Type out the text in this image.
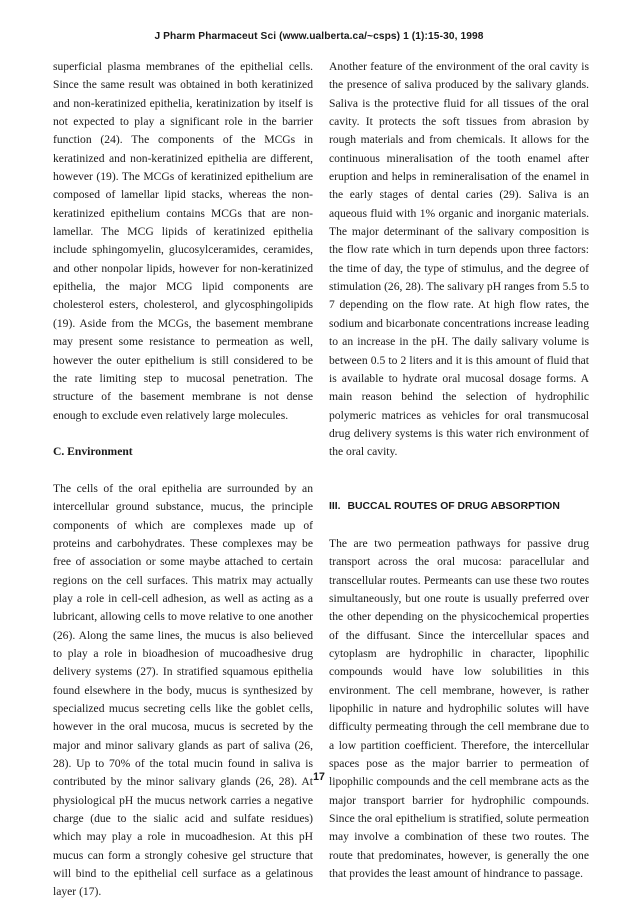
J Pharm Pharmaceut Sci (www.ualberta.ca/~csps) 1 (1):15-30, 1998

superficial plasma membranes of the epithelial cells. Since the same result was obtained in both keratinized and non-keratinized epithelia, keratinization by itself is not expected to play a significant role in the barrier function (24). The components of the MCGs in keratinized and non-keratinized epithelia are different, however (19). The MCGs of keratinized epithelium are composed of lamellar lipid stacks, whereas the non-keratinized epithelium contains MCGs that are non-lamellar. The MCG lipids of keratinized epithelia include sphingomyelin, glucosylceramides, ceramides, and other nonpolar lipids, however for non-keratinized epithelia, the major MCG lipid components are cholesterol esters, cholesterol, and glycosphingolipids (19). Aside from the MCGs, the basement membrane may present some resistance to permeation as well, however the outer epithelium is still considered to be the rate limiting step to mucosal penetration. The structure of the basement membrane is not dense enough to exclude even relatively large molecules.

C. Environment

The cells of the oral epithelia are surrounded by an intercellular ground substance, mucus, the principle components of which are complexes made up of proteins and carbohydrates. These complexes may be free of association or some maybe attached to certain regions on the cell surfaces. This matrix may actually play a role in cell-cell adhesion, as well as acting as a lubricant, allowing cells to move relative to one another (26). Along the same lines, the mucus is also believed to play a role in bioadhesion of mucoadhesive drug delivery systems (27). In stratified squamous epithelia found elsewhere in the body, mucus is synthesized by specialized mucus secreting cells like the goblet cells, however in the oral mucosa, mucus is secreted by the major and minor salivary glands as part of saliva (26, 28). Up to 70% of the total mucin found in saliva is contributed by the minor salivary glands (26, 28). At physiological pH the mucus network carries a negative charge (due to the sialic acid and sulfate residues) which may play a role in mucoadhesion. At this pH mucus can form a strongly cohesive gel structure that will bind to the epithelial cell surface as a gelatinous layer (17).

Another feature of the environment of the oral cavity is the presence of saliva produced by the salivary glands. Saliva is the protective fluid for all tissues of the oral cavity. It protects the soft tissues from abrasion by rough materials and from chemicals. It allows for the continuous mineralisation of the tooth enamel after eruption and helps in remineralisation of the enamel in the early stages of dental caries (29). Saliva is an aqueous fluid with 1% organic and inorganic materials. The major determinant of the salivary composition is the flow rate which in turn depends upon three factors: the time of day, the type of stimulus, and the degree of stimulation (26, 28). The salivary pH ranges from 5.5 to 7 depending on the flow rate. At high flow rates, the sodium and bicarbonate concentrations increase leading to an increase in the pH. The daily salivary volume is between 0.5 to 2 liters and it is this amount of fluid that is available to hydrate oral mucosal dosage forms. A main reason behind the selection of hydrophilic polymeric matrices as vehicles for oral transmucosal drug delivery systems is this water rich environment of the oral cavity.

III. BUCCAL ROUTES OF DRUG ABSORPTION

The are two permeation pathways for passive drug transport across the oral mucosa: paracellular and transcellular routes. Permeants can use these two routes simultaneously, but one route is usually preferred over the other depending on the physicochemical properties of the diffusant. Since the intercellular spaces and cytoplasm are hydrophilic in character, lipophilic compounds would have low solubilities in this environment. The cell membrane, however, is rather lipophilic in nature and hydrophilic solutes will have difficulty permeating through the cell membrane due to a low partition coefficient. Therefore, the intercellular spaces pose as the major barrier to permeation of lipophilic compounds and the cell membrane acts as the major transport barrier for hydrophilic compounds. Since the oral epithelium is stratified, solute permeation may involve a combination of these two routes. The route that predominates, however, is generally the one that provides the least amount of hindrance to passage.

17
